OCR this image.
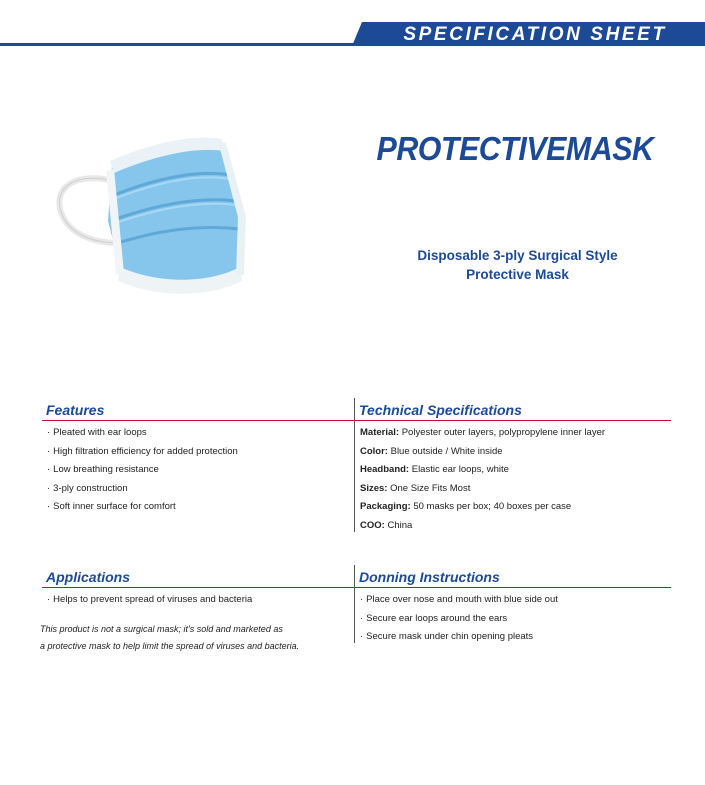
SPECIFICATION SHEET
PROTECTIVEMASK
Disposable 3-ply Surgical Style
Protective Mask
Features
· Pleated with ear loops
· High filtration efficiency for added protection
· Low breathing resistance
· 3-ply construction
· Soft inner surface for comfort
Technical Specifications
Material: Polyester outer layers, polypropylene inner layer
Color: Blue outside / White inside
Headband: Elastic ear loops, white
Sizes: One Size Fits Most
Packaging: 50 masks per box; 40 boxes per case
COO: China
Applications
· Helps to prevent spread of viruses and bacteria
This product is not a surgical mask; it's sold and marketed as
a protective mask to help limit the spread of viruses and bacteria.
Donning Instructions
· Place over nose and mouth with blue side out
· Secure ear loops around the ears
· Secure mask under chin opening pleats
